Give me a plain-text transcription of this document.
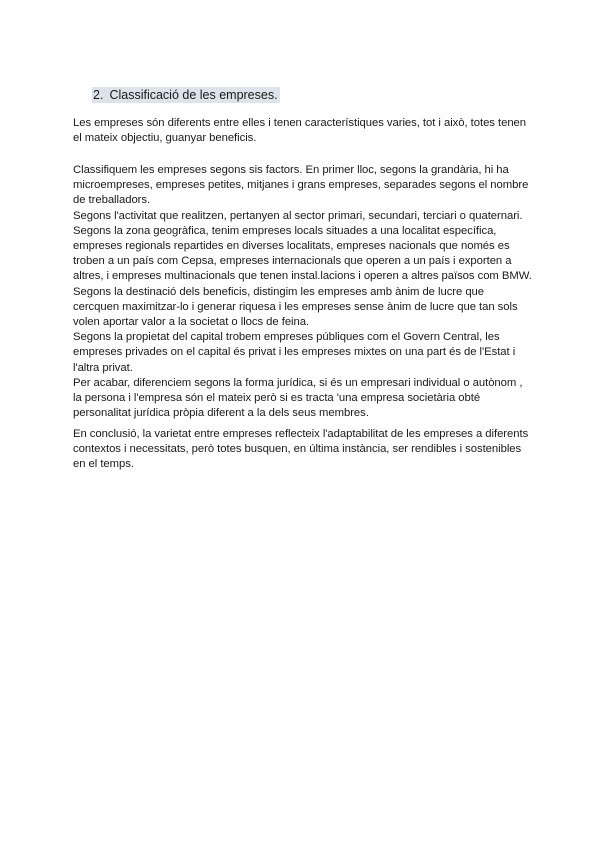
2. Classificació de les empreses.
Les empreses són diferents entre elles i tenen característiques varies, tot i això, totes tenen
el mateix objectiu, guanyar beneficis.
Classifiquem les empreses segons sis factors. En primer lloc, segons la grandària, hi ha
microempreses, empreses petites, mitjanes i grans empreses, separades segons el nombre
de treballadors.
Segons l'activitat que realitzen, pertanyen al sector primari, secundari, terciari o quaternari.
Segons la zona geogràfica, tenim empreses locals situades a una localitat específica,
empreses regionals repartides en diverses localitats, empreses nacionals que només es
troben a un país com Cepsa, empreses internacionals que operen a un país i exporten a
altres, i empreses multinacionals que tenen instal.lacions i operen a altres països com BMW.
Segons la destinació dels beneficis, distingim les empreses amb ànim de lucre que
cercquen maximitzar-lo i generar riquesa i les empreses sense ànim de lucre que tan sols
volen aportar valor a la societat o llocs de feina.
Segons la propietat del capital trobem empreses públiques com el Govern Central, les
empreses privades on el capital és privat i les empreses mixtes on una part és de l'Estat i
l'altra privat.
Per acabar, diferenciem segons la forma jurídica, si és un empresari individual o autònom ,
la persona i l'empresa són el mateix però si es tracta 'una empresa societària obté
personalitat jurídica pròpia diferent a la dels seus membres.
En conclusió, la varietat entre empreses reflecteix l'adaptabilitat de les empreses a diferents
contextos i necessitats, però totes busquen, en última instància, ser rendibles i sostenibles
en el temps.
